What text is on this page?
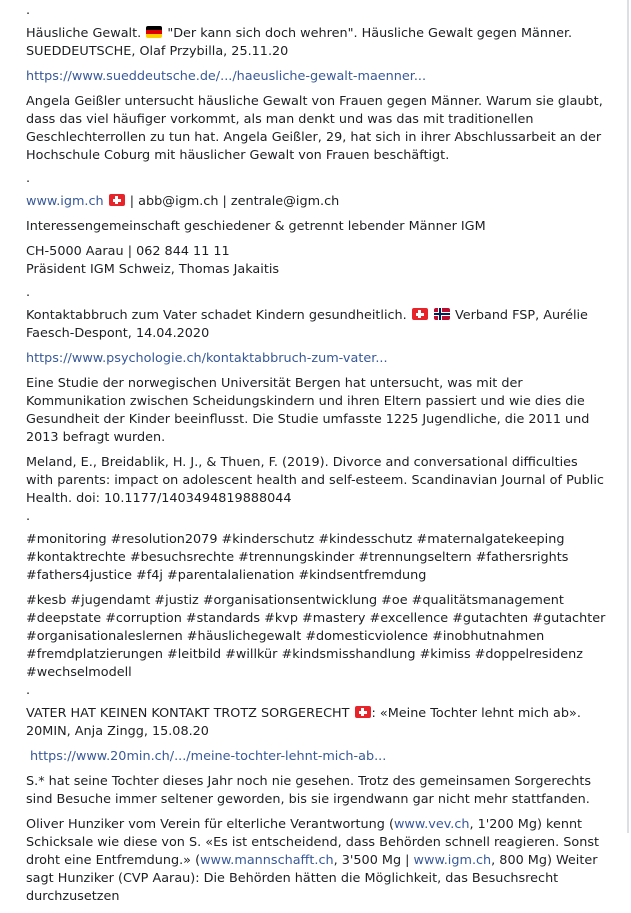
.

Häusliche Gewalt.  "Der kann sich doch wehren". Häusliche Gewalt gegen Männer. SUEDDEUTSCHE, Olaf Przybilla, 25.11.20

https://www.sueddeutsche.de/.../haeusliche-gewalt-maenner...

Angela Geißler untersucht häusliche Gewalt von Frauen gegen Männer. Warum sie glaubt, dass das viel häufiger vorkommt, als man denkt und was das mit traditionellen Geschlechterrollen zu tun hat. Angela Geißler, 29, hat sich in ihrer Abschlussarbeit an der Hochschule Coburg mit häuslicher Gewalt von Frauen beschäftigt.

.

www.igm.ch  | abb@igm.ch | zentrale@igm.ch

Interessengemeinschaft geschiedener & getrennt lebender Männer IGM

CH-5000 Aarau | 062 844 11 11

Präsident IGM Schweiz, Thomas Jakaitis

.

Kontaktabbruch zum Vater schadet Kindern gesundheitlich.	Verband FSP, Aurélie Faesch-Despont, 14.04.2020

https://www.psychologie.ch/kontaktabbruch-zum-vater...

Eine Studie der norwegischen Universität Bergen hat untersucht, was mit der Kommunikation zwischen Scheidungskindern und ihren Eltern passiert und wie dies die Gesundheit der Kinder beeinflusst. Die Studie umfasste 1225 Jugendliche, die 2011 und 2013 befragt wurden.

Meland, E., Breidablik, H. J., & Thuen, F. (2019). Divorce and conversational difficulties with parents: impact on adolescent health and self-esteem. Scandinavian Journal of Public Health. doi: 10.1177/1403494819888044

.

#monitoring #resolution2079 #kinderschutz #kindesschutz #maternalgatekeeping #kontaktrechte #besuchsrechte #trennungskinder #trennungseltern #fathersrights #fathers4justice #f4j #parentalalienation #kindsentfremdung

#kesb #jugendamt #justiz #organisationsentwicklung #oe #qualitätsmanagement #deepstate #corruption #standards #kvp #mastery #excellence #gutachten #gutachter #organisationaleslernen #häuslichegewalt #domesticviolence #inobhutnahmen #fremdplatzierungen #leitbild #willkür #kindsmisshandlung #kimiss #doppelresidenz #wechselmodell

.

VATER HAT KEINEN KONTAKT TROTZ SORGERECHT : «Meine Tochter lehnt mich ab». 20MIN, Anja Zingg, 15.08.20

https://www.20min.ch/.../meine-tochter-lehnt-mich-ab...

S.* hat seine Tochter dieses Jahr noch nie gesehen. Trotz des gemeinsamen Sorgerechts sind Besuche immer seltener geworden, bis sie irgendwann gar nicht mehr stattfanden.

Oliver Hunziker vom Verein für elterliche Verantwortung (www.vev.ch, 1'200 Mg) kennt Schicksale wie diese von S. «Es ist entscheidend, dass Behörden schnell reagieren. Sonst droht eine Entfremdung.» (www.mannschafft.ch, 3'500 Mg | www.igm.ch, 800 Mg) Weiter sagt Hunziker (CVP Aarau): Die Behörden hätten die Möglichkeit, das Besuchsrecht durchzusetzen
